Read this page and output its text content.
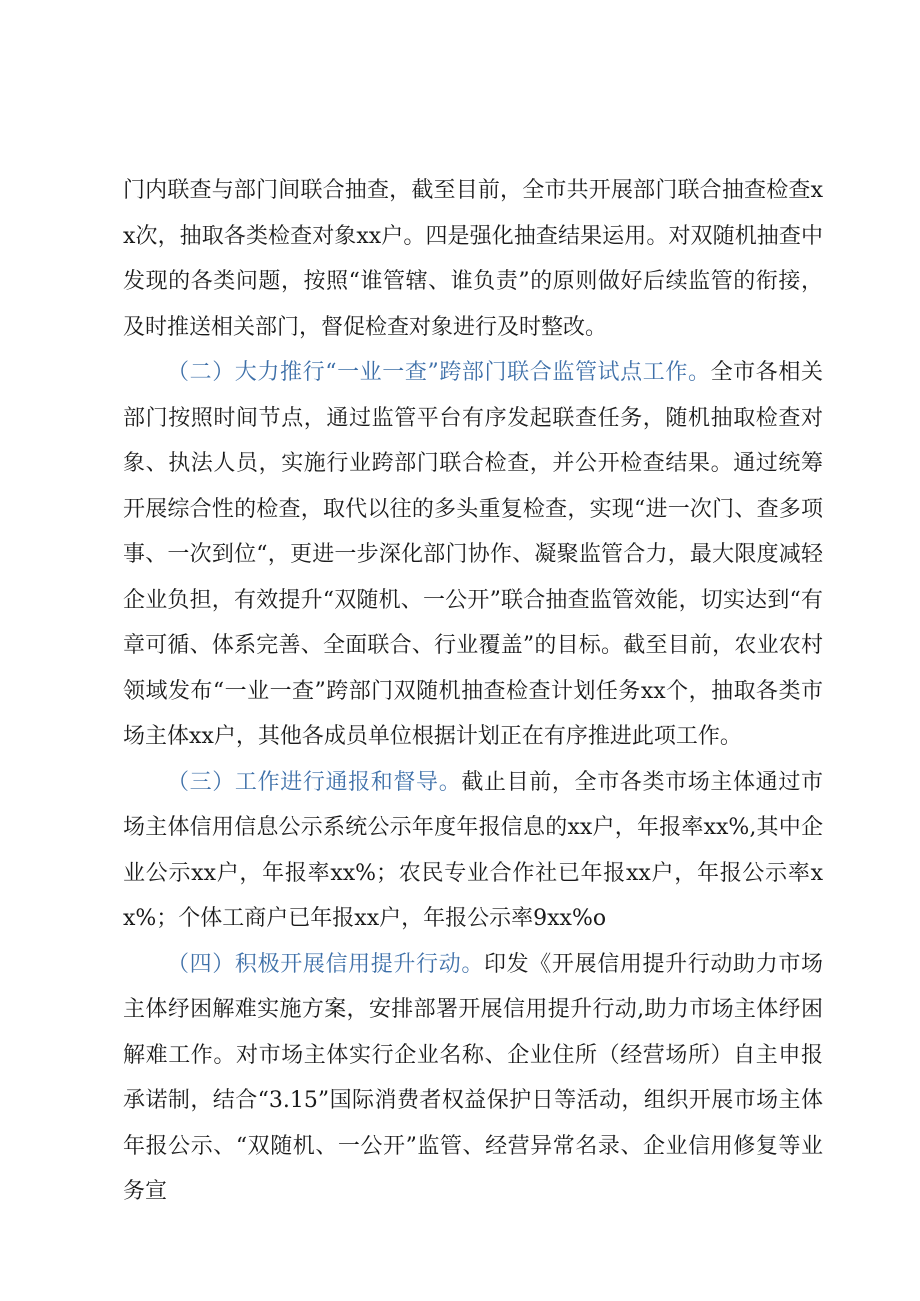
门内联查与部门间联合抽查，截至目前，全市共开展部门联合抽查检查xx次，抽取各类检查对象xx户。四是强化抽查结果运用。对双随机抽查中发现的各类问题，按照“谁管辖、谁负责”的原则做好后续监管的衔接，及时推送相关部门，督促检查对象进行及时整改。

（二）大力推行“一业一查”跨部门联合监管试点工作。全市各相关部门按照时间节点，通过监管平台有序发起联查任务，随机抽取检查对象、执法人员，实施行业跨部门联合检查，并公开检查结果。通过统筹开展综合性的检查，取代以往的多头重复检查，实现“进一次门、查多项事、一次到位“，更进一步深化部门协作、凝聚监管合力，最大限度减轻企业负担，有效提升“双随机、一公开”联合抽查监管效能，切实达到“有章可循、体系完善、全面联合、行业覆盖”的目标。截至目前，农业农村领域发布“一业一查”跨部门双随机抽查检查计划任务xx个，抽取各类市场主体xx户，其他各成员单位根据计划正在有序推进此项工作。

（三）工作进行通报和督导。截止目前，全市各类市场主体通过市场主体信用信息公示系统公示年度年报信息的xx户，年报率xx%,其中企业公示xx户，年报率xx%；农民专业合作社已年报xx户，年报公示率xx%；个体工商户已年报xx户，年报公示率9xx%o

（四）积极开展信用提升行动。印发《开展信用提升行动助力市场主体纾困解难实施方案，安排部署开展信用提升行动,助力市场主体纾困解难工作。对市场主体实行企业名称、企业住所（经营场所）自主申报承诺制，结合“3.15”国际消费者权益保护日等活动，组织开展市场主体年报公示、“双随机、一公开”监管、经营异常名录、企业信用修复等业务宣
